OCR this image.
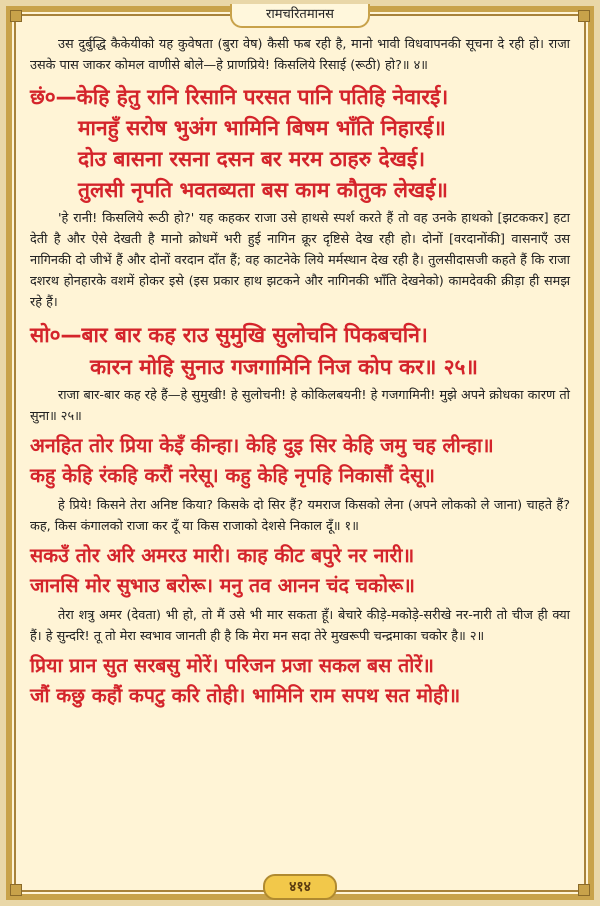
रामचरितमानस

उस दुर्बुद्धि कैकेयीको यह कुवेषता (बुरा वेष) कैसी फब रही है, मानो भावी विधवापनकी सूचना दे रही हो। राजा उसके पास जाकर कोमल वाणीसे बोले—हे प्राणप्रिये! किसलिये रिसाई (रूठी) हो?॥ ४॥

छं०—केहि हेतु रानि रिसानि परसत पानि पतिहि नेवारई।
मानहुँ सरोष भुअंग भामिनि बिषम भाँति निहारई॥
दोउ बासना रसना दसन बर मरम ठाहरु देखई।
तुलसी नृपति भवतब्यता बस काम कौतुक लेखई॥

'हे रानी! किसलिये रूठी हो?' यह कहकर राजा उसे हाथसे स्पर्श करते हैं तो वह उनके हाथको [झटककर] हटा देती है और ऐसे देखती है मानो क्रोधमें भरी हुई नागिन क्रूर दृष्टिसे देख रही हो। दोनों [वरदानोंकी] वासनाएँ उस नागिनकी दो जीभें हैं और दोनों वरदान दाँत हैं; वह काटनेके लिये मर्मस्थान देख रही है। तुलसीदासजी कहते हैं कि राजा दशरथ होनहारके वशमें होकर इसे (इस प्रकार हाथ झटकने और नागिनकी भाँति देखनेको) कामदेवकी क्रीड़ा ही समझ रहे हैं।

सो०—बार बार कह राउ सुमुखि सुलोचनि पिकबचनि।
कारन मोहि सुनाउ गजगामिनि निज कोप कर॥ २५॥

राजा बार-बार कह रहे हैं—हे सुमुखी! हे सुलोचनी! हे कोकिलबयनी! हे गजगामिनी! मुझे अपने क्रोधका कारण तो सुना॥ २५॥

अनहित तोर प्रिया केइँ कीन्हा। केहि दुइ सिर केहि जमु चह लीन्हा॥
कहु केहि रंकहि करौं नरेसू। कहु केहि नृपहि निकासौं देसू॥

हे प्रिये! किसने तेरा अनिष्ट किया? किसके दो सिर हैं? यमराज किसको लेना (अपने लोकको ले जाना) चाहते हैं? कह, किस कंगालको राजा कर दूँ या किस राजाको देशसे निकाल दूँ॥ १॥

सकउँ तोर अरि अमरउ मारी। काह कीट बपुरे नर नारी॥
जानसि मोर सुभाउ बरोरू। मनु तव आनन चंद चकोरू॥

तेरा शत्रु अमर (देवता) भी हो, तो मैं उसे भी मार सकता हूँ। बेचारे कीड़े-मकोड़े-सरीखे नर-नारी तो चीज ही क्या हैं। हे सुन्दरि! तू तो मेरा स्वभाव जानती ही है कि मेरा मन सदा तेरे मुखरूपी चन्द्रमाका चकोर है॥ २॥

प्रिया प्रान सुत सरबसु मोरें। परिजन प्रजा सकल बस तोरें॥
जौं कछु कहौं कपटु करि तोही। भामिनि राम सपथ सत मोही॥
४१४
